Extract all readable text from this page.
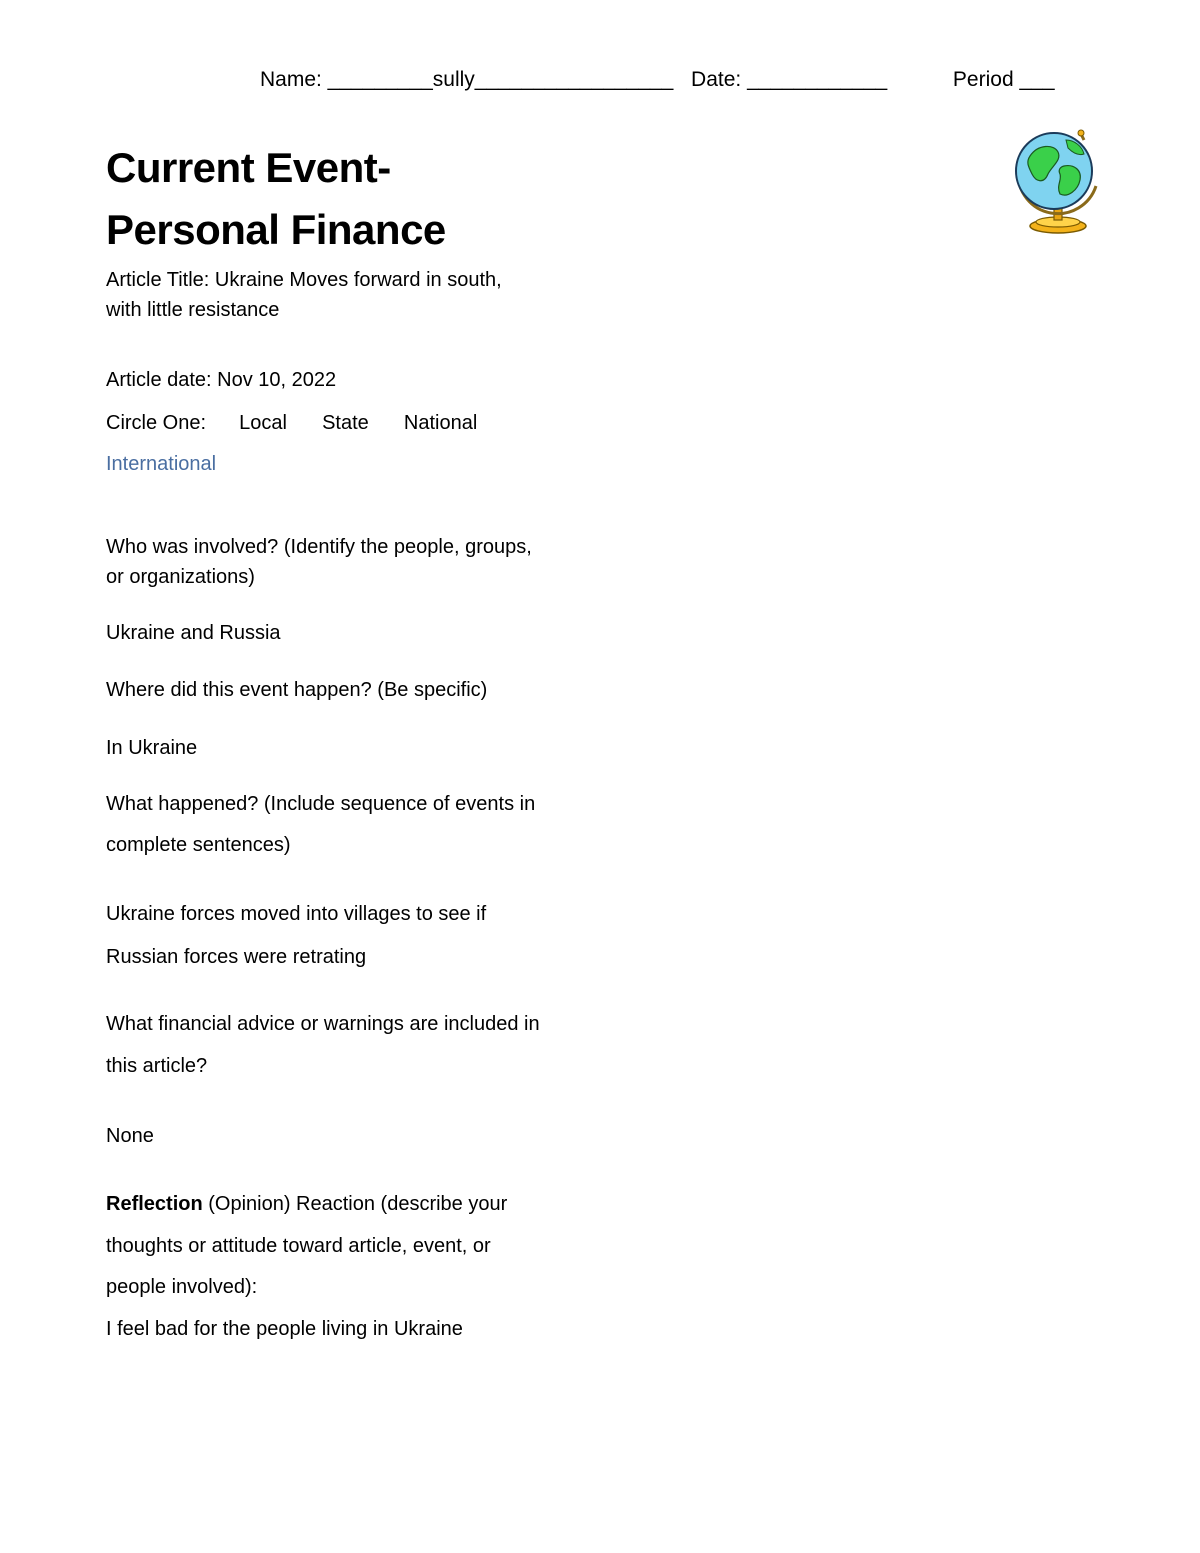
Name: _________sully_________________ Date: ____________	Period ___
Current Event-
Personal Finance
Article Title: Ukraine Moves forward in south,
with little resistance
Article date: Nov 10, 2022
Circle One: Local State National
International
Who was involved? (Identify the people, groups,
or organizations)
Ukraine and Russia
Where did this event happen? (Be specific)
In Ukraine
What happened? (Include sequence of events in
complete sentences)
Ukraine forces moved into villages to see if
Russian forces were retrating
What financial advice or warnings are included in
this article?
None
Reflection (Opinion) Reaction (describe your
thoughts or attitude toward article, event, or
people involved):
I feel bad for the people living in Ukraine
